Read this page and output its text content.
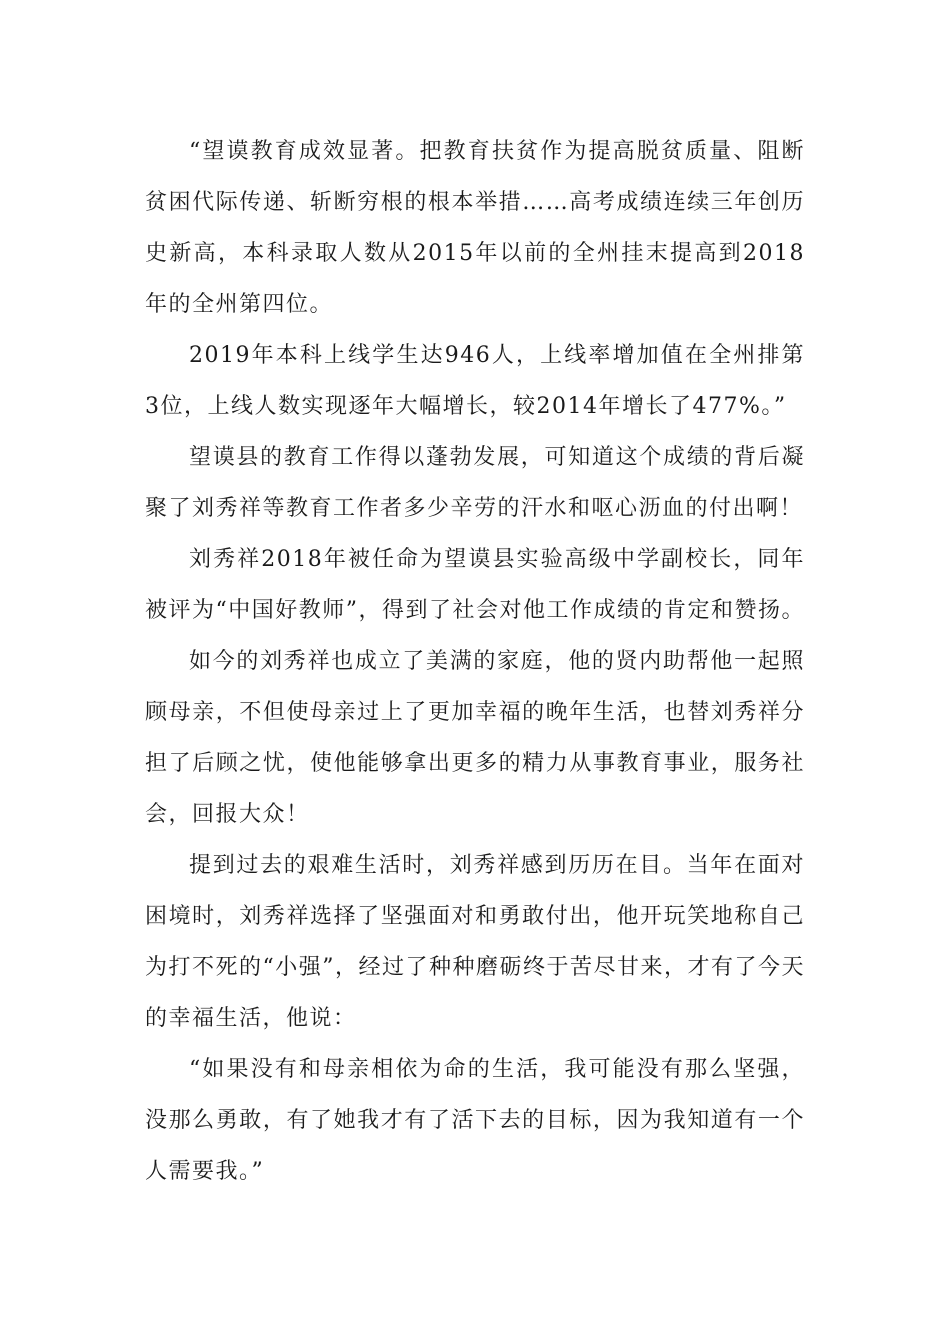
“望谟教育成效显著。把教育扶贫作为提高脱贫质量、阻断贫困代际传递、斩断穷根的根本举措……高考成绩连续三年创历史新高，本科录取人数从2015年以前的全州挂末提高到2018年的全州第四位。

2019年本科上线学生达946人，上线率增加值在全州排第3位，上线人数实现逐年大幅增长，较2014年增长了477%。”

望谟县的教育工作得以蓬勃发展，可知道这个成绩的背后凝聚了刘秀祥等教育工作者多少辛劳的汗水和呕心沥血的付出啊！

刘秀祥2018年被任命为望谟县实验高级中学副校长，同年被评为“中国好教师”，得到了社会对他工作成绩的肯定和赞扬。

如今的刘秀祥也成立了美满的家庭，他的贤内助帮他一起照顾母亲，不但使母亲过上了更加幸福的晚年生活，也替刘秀祥分担了后顾之忧，使他能够拿出更多的精力从事教育事业，服务社会，回报大众！

提到过去的艰难生活时，刘秀祥感到历历在目。当年在面对困境时，刘秀祥选择了坚强面对和勇敢付出，他开玩笑地称自己为打不死的“小强”，经过了种种磨砺终于苦尽甘来，才有了今天的幸福生活，他说：

“如果没有和母亲相依为命的生活，我可能没有那么坚强，没那么勇敢，有了她我才有了活下去的目标，因为我知道有一个人需要我。”
